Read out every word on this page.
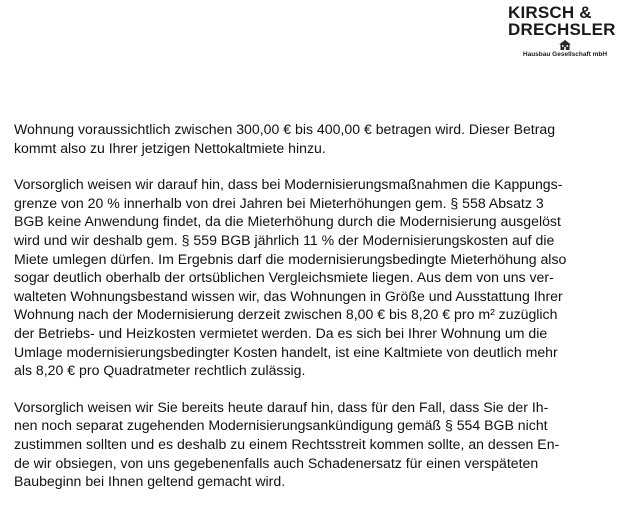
KIRSCH &
DRECHSLER
Hausbau Gesellschaft mbH

Wohnung voraussichtlich zwischen 300,00 € bis 400,00 € betragen wird. Dieser Betrag
kommt also zu Ihrer jetzigen Nettokaltmiete hinzu.

Vorsorglich weisen wir darauf hin, dass bei Modernisierungsmaßnahmen die Kappungs-
grenze von 20 % innerhalb von drei Jahren bei Mieterhöhungen gem. § 558 Absatz 3
BGB keine Anwendung findet, da die Mieterhöhung durch die Modernisierung ausgelöst
wird und wir deshalb gem. § 559 BGB jährlich 11 % der Modernisierungskosten auf die
Miete umlegen dürfen. Im Ergebnis darf die modernisierungsbedingte Mieterhöhung also
sogar deutlich oberhalb der ortsüblichen Vergleichsmiete liegen. Aus dem von uns ver-
walteten Wohnungsbestand wissen wir, das Wohnungen in Größe und Ausstattung Ihrer
Wohnung nach der Modernisierung derzeit zwischen 8,00 € bis 8,20 € pro m² zuzüglich
der Betriebs- und Heizkosten vermietet werden. Da es sich bei Ihrer Wohnung um die
Umlage modernisierungsbedingter Kosten handelt, ist eine Kaltmiete von deutlich mehr
als 8,20 € pro Quadratmeter rechtlich zulässig.

Vorsorglich weisen wir Sie bereits heute darauf hin, dass für den Fall, dass Sie der Ih-
nen noch separat zugehenden Modernisierungsankündigung gemäß § 554 BGB nicht
zustimmen sollten und es deshalb zu einem Rechtsstreit kommen sollte, an dessen En-
de wir obsiegen, von uns gegebenenfalls auch Schadenersatz für einen verspäteten
Baubeginn bei Ihnen geltend gemacht wird.
